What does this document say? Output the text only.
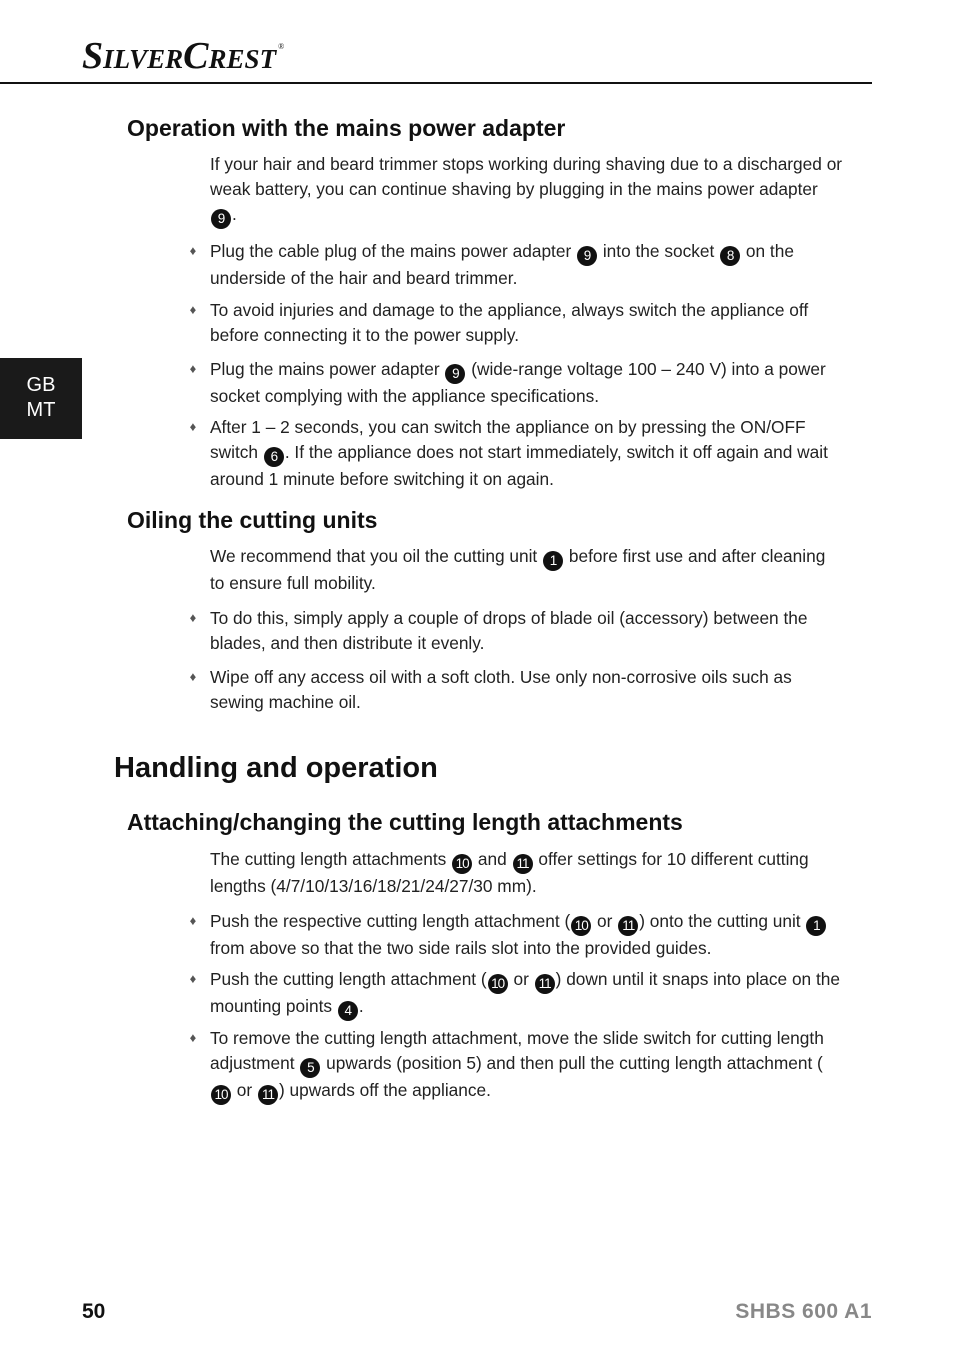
SILVERCREST ®
GB
MT
Operation with the mains power adapter
If your hair and beard trimmer stops working during shaving due to a discharged or weak battery, you can continue shaving by plugging in the mains power adapter 9 .
♦ Plug the cable plug of the mains power adapter 9 into the socket 8 on the underside of the hair and beard trimmer.
♦ To avoid injuries and damage to the appliance, always switch the appliance off before connecting it to the power supply.
♦ Plug the mains power adapter 9 (wide-range voltage 100 – 240 V) into a power socket complying with the appliance specifications.
♦ After 1 – 2 seconds, you can switch the appliance on by pressing the ON/OFF switch 6 . If the appliance does not start immediately, switch it off again and wait around 1 minute before switching it on again.
Oiling the cutting units
We recommend that you oil the cutting unit 1 before first use and after cleaning to ensure full mobility.
♦ To do this, simply apply a couple of drops of blade oil (accessory) between the blades, and then distribute it evenly.
♦ Wipe off any access oil with a soft cloth. Use only non-corrosive oils such as sewing machine oil.
Handling and operation
Attaching/changing the cutting length attachments
The cutting length attachments 10 and 11 offer settings for 10 different cutting lengths (4/7/10/13/16/18/21/24/27/30 mm).
♦ Push the respective cutting length attachment ( 10 or 11 ) onto the cutting unit 1 from above so that the two side rails slot into the provided guides.
♦ Push the cutting length attachment ( 10 or 11 ) down until it snaps into place on the mounting points 4 .
♦ To remove the cutting length attachment, move the slide switch for cutting length adjustment 5 upwards (position 5) and then pull the cutting length attachment (10 or 11 ) upwards off the appliance.
50	SHBS 600 A1
